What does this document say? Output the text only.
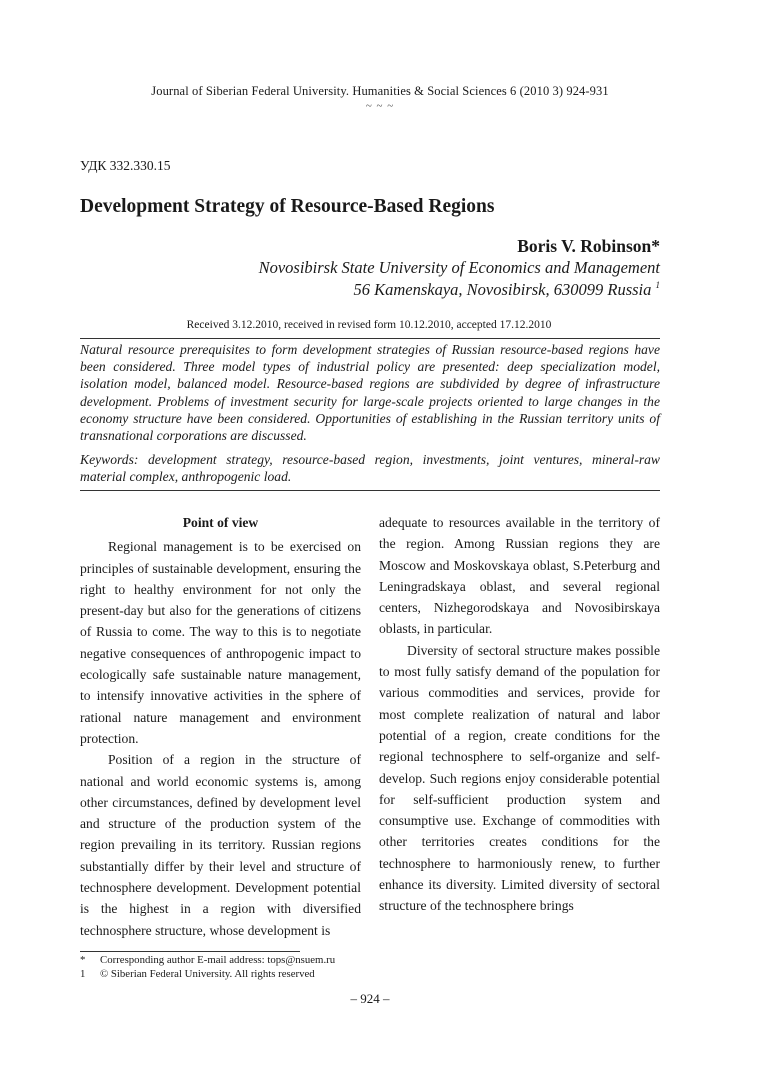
Journal of Siberian Federal University. Humanities & Social Sciences 6 (2010 3) 924-931
~ ~ ~
УДК 332.330.15
Development Strategy of Resource-Based Regions
Boris V. Robinson*
Novosibirsk State University of Economics and Management
56 Kamenskaya, Novosibirsk, 630099 Russia $^1$
Received 3.12.2010, received in revised form 10.12.2010, accepted 17.12.2010

Natural resource prerequisites to form development strategies of Russian resource-based regions have been considered. Three model types of industrial policy are presented: deep specialization model, isolation model, balanced model. Resource-based regions are subdivided by degree of infrastructure development. Problems of investment security for large-scale projects oriented to large changes in the economy structure have been considered. Opportunities of establishing in the Russian territory units of transnational corporations are discussed.

Keywords: development strategy, resource-based region, investments, joint ventures, mineral-raw material complex, anthropogenic load.

Point of view

Regional management is to be exercised on principles of sustainable development, ensuring the right to healthy environment for not only the present-day but also for the generations of citizens of Russia to come. The way to this is to negotiate negative consequences of anthropogenic impact to ecologically safe sustainable nature management, to intensify innovative activities in the sphere of rational nature management and environment protection.

Position of a region in the structure of national and world economic systems is, among other circumstances, defined by development level and structure of the production system of the region prevailing in its territory. Russian regions substantially differ by their level and structure of technosphere development. Development potential is the highest in a region with diversified technosphere structure, whose development is

adequate to resources available in the territory of the region. Among Russian regions they are Moscow and Moskovskaya oblast, S.Peterburg and Leningradskaya oblast, and several regional centers, Nizhegorodskaya and Novosibirskaya oblasts, in particular.

Diversity of sectoral structure makes possible to most fully satisfy demand of the population for various commodities and services, provide for most complete realization of natural and labor potential of a region, create conditions for the regional technosphere to self-organize and self-develop. Such regions enjoy considerable potential for self-sufficient production system and consumptive use. Exchange of commodities with other territories creates conditions for the technosphere to harmoniously renew, to further enhance its diversity. Limited diversity of sectoral structure of the technosphere brings

* Corresponding author E-mail address: tops@nsuem.ru
1 © Siberian Federal University. All rights reserved
– 924 –
